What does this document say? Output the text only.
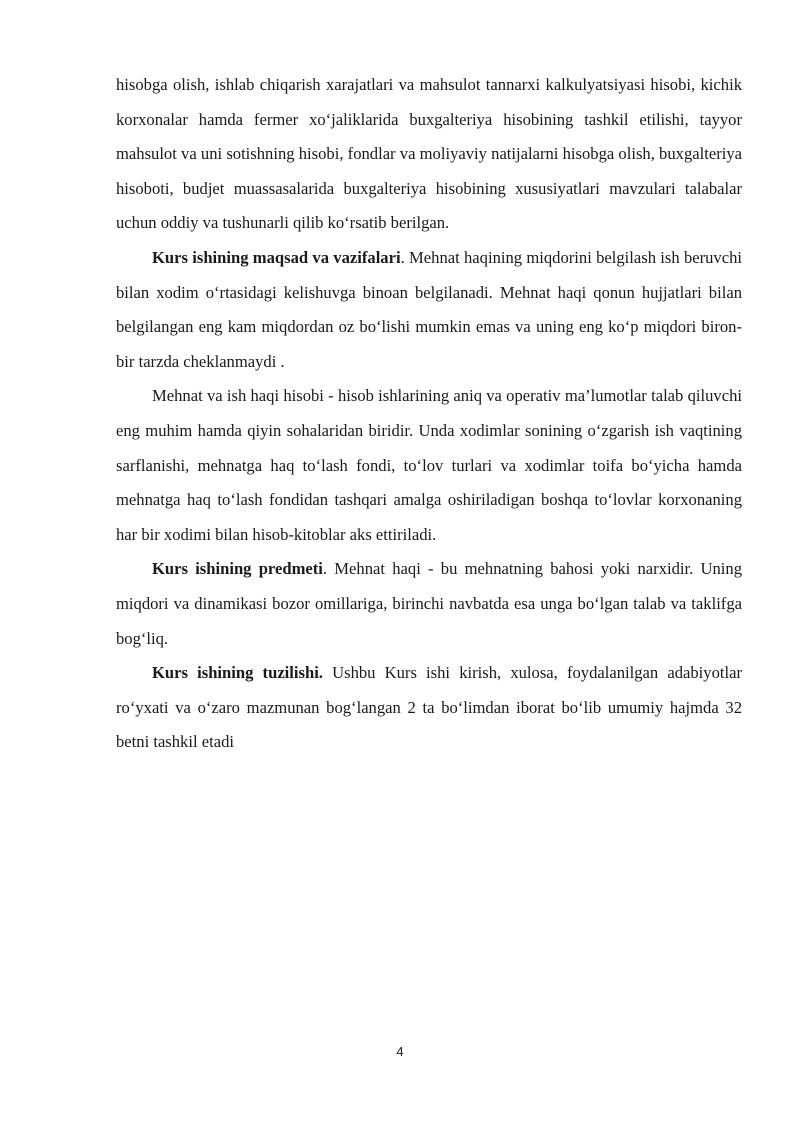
hisobga olish, ishlab chiqarish xarajatlari va mahsulot tannarxi kalkulyatsiyasi hisobi, kichik korxonalar hamda fermer xo‘jaliklarida buxgalteriya hisobining tashkil etilishi, tayyor mahsulot va uni sotishning hisobi, fondlar va moliyaviy natijalarni hisobga olish, buxgalteriya hisoboti, budjet muassasalarida buxgalteriya hisobining xususiyatlari mavzulari talabalar uchun oddiy va tushunarli qilib ko‘rsatib berilgan.

Kurs ishining maqsad va vazifalari. Mehnat haqining miqdorini belgilash ish beruvchi bilan xodim o‘rtasidagi kelishuvga binoan belgilanadi. Mehnat haqi qonun hujjatlari bilan belgilangan eng kam miqdordan oz bo‘lishi mumkin emas va uning eng ko‘p miqdori biron-bir tarzda cheklanmaydi .

Mehnat va ish haqi hisobi - hisob ishlarining aniq va operativ ma’lumotlar talab qiluvchi eng muhim hamda qiyin sohalaridan biridir. Unda xodimlar sonining o‘zgarish ish vaqtining sarflanishi, mehnatga haq to‘lash fondi, to‘lov turlari va xodimlar toifa bo‘yicha hamda mehnatga haq to‘lash fondidan tashqari amalga oshiriladigan boshqa to‘lovlar korxonaning har bir xodimi bilan hisob-kitoblar aks ettiriladi.

Kurs ishining predmeti. Mehnat haqi - bu mehnatning bahosi yoki narxidir. Uning miqdori va dinamikasi bozor omillariga, birinchi navbatda esa unga bo‘lgan talab va taklifga bog‘liq.

Kurs ishining tuzilishi. Ushbu Kurs ishi kirish, xulosa, foydalanilgan adabiyotlar ro‘yxati va o‘zaro mazmunan bog‘langan 2 ta bo‘limdan iborat bo‘lib umumiy hajmda 32 betni tashkil etadi

4
